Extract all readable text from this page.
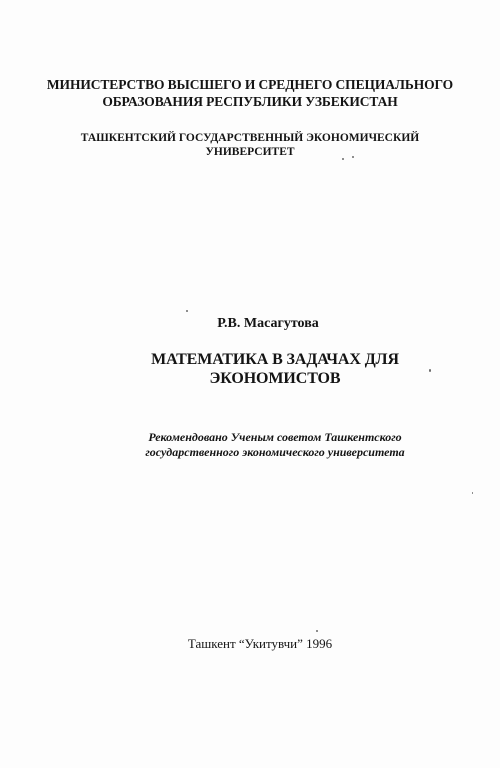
МИНИСТЕРСТВО ВЫСШЕГО И СРЕДНЕГО СПЕЦИАЛЬНОГО
ОБРАЗОВАНИЯ РЕСПУБЛИКИ УЗБЕКИСТАН
ТАШКЕНТСКИЙ ГОСУДАРСТВЕННЫЙ ЭКОНОМИЧЕСКИЙ
УНИВЕРСИТЕТ
Р.В. Масагутова
МАТЕМАТИКА В ЗАДАЧАХ ДЛЯ
ЭКОНОМИСТОВ
Рекомендовано Ученым советом Ташкентского
государственного экономического университета
Ташкент “Укитувчи” 1996
